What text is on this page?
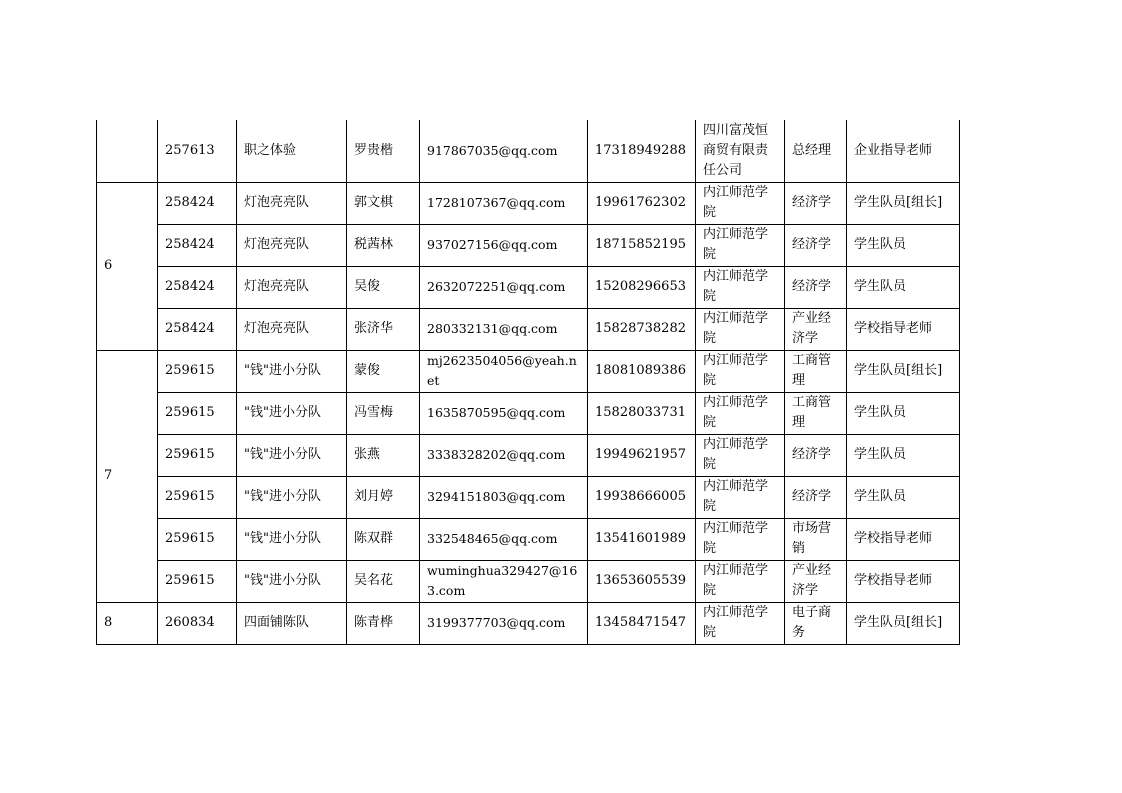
	257613	职之体验	罗贵楷	917867035@qq.com	17318949288	四川富茂恒商贸有限责任公司	总经理	企业指导老师
6	258424	灯泡亮亮队	郭文棋	1728107367@qq.com	19961762302	内江师范学院	经济学	学生队员[组长]
	258424	灯泡亮亮队	税茜林	937027156@qq.com	18715852195	内江师范学院	经济学	学生队员
	258424	灯泡亮亮队	吴俊	2632072251@qq.com	15208296653	内江师范学院	经济学	学生队员
	258424	灯泡亮亮队	张济华	280332131@qq.com	15828738282	内江师范学院	产业经济学	学校指导老师
7	259615	"钱"进小分队	蒙俊	mj2623504056@yeah.net	18081089386	内江师范学院	工商管理	学生队员[组长]
	259615	"钱"进小分队	冯雪梅	1635870595@qq.com	15828033731	内江师范学院	工商管理	学生队员
	259615	"钱"进小分队	张燕	3338328202@qq.com	19949621957	内江师范学院	经济学	学生队员
	259615	"钱"进小分队	刘月婷	3294151803@qq.com	19938666005	内江师范学院	经济学	学生队员
	259615	"钱"进小分队	陈双群	332548465@qq.com	13541601989	内江师范学院	市场营销	学校指导老师
	259615	"钱"进小分队	吴名花	wuminghua329427@163.com	13653605539	内江师范学院	产业经济学	学校指导老师
8	260834	四面铺陈队	陈青桦	3199377703@qq.com	13458471547	内江师范学院	电子商务	学生队员[组长]
